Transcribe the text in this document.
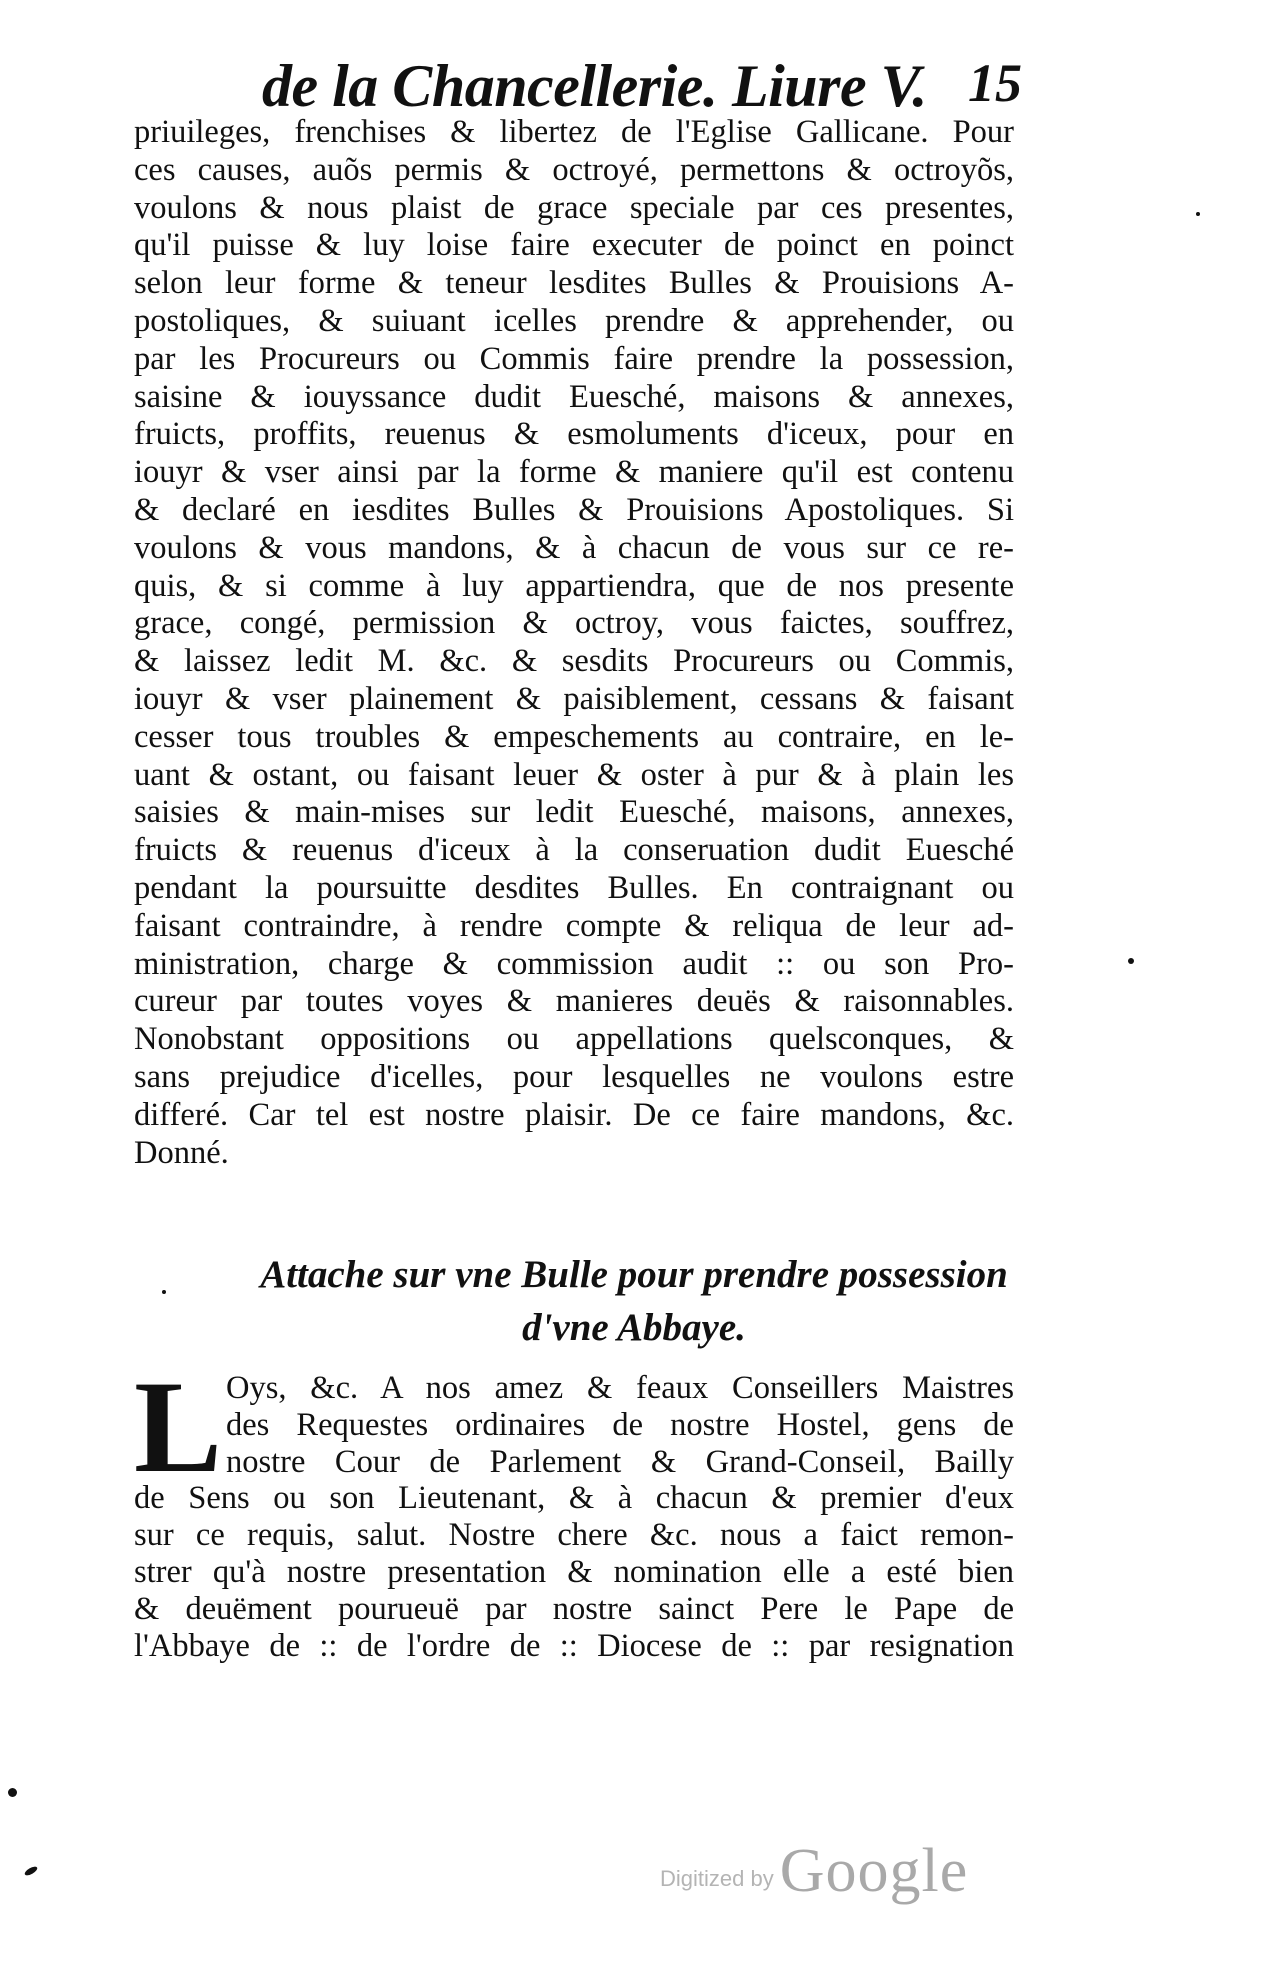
de la Chancellerie. Liure V. 15
priuileges, frenchises & libertez de l'Eglise Gallicane. Pour
ces causes, auõs permis & octroyé, permettons & octroyõs,
voulons & nous plaist de grace speciale par ces presentes,
qu'il puisse & luy loise faire executer de poinct en poinct
selon leur forme & teneur lesdites Bulles & Prouisions A-
postoliques, & suiuant icelles prendre & apprehender, ou
par les Procureurs ou Commis faire prendre la possession,
saisine & iouyssance dudit Euesché, maisons & annexes,
fruicts, proffits, reuenus & esmoluments d'iceux, pour en
iouyr & vser ainsi par la forme & maniere qu'il est contenu
& declaré en iesdites Bulles & Prouisions Apostoliques. Si
voulons & vous mandons, & à chacun de vous sur ce re-
quis, & si comme à luy appartiendra, que de nos presente
grace, congé, permission & octroy, vous faictes, souffrez,
& laissez ledit M. &c. & sesdits Procureurs ou Commis,
iouyr & vser plainement & paisiblement, cessans & faisant
cesser tous troubles & empeschements au contraire, en le-
uant & ostant, ou faisant leuer & oster à pur & à plain les
saisies & main-mises sur ledit Euesché, maisons, annexes,
fruicts & reuenus d'iceux à la conseruation dudit Euesché
pendant la poursuitte desdites Bulles. En contraignant ou
faisant contraindre, à rendre compte & reliqua de leur ad-
ministration, charge & commission audit :: ou son Pro-
cureur par toutes voyes & manieres deuës & raisonnables.
Nonobstant oppositions ou appellations quelsconques, &
sans prejudice d'icelles, pour lesquelles ne voulons estre
differé. Car tel est nostre plaisir. De ce faire mandons, &c.
Donné.
Attache sur vne Bulle pour prendre possession
d'vne Abbaye.
L Oys, &c. A nos amez & feaux Conseillers Maistres
des Requestes ordinaires de nostre Hostel, gens de
nostre Cour de Parlement & Grand-Conseil, Bailly
de Sens ou son Lieutenant, & à chacun & premier d'eux
sur ce requis, salut. Nostre chere &c. nous a faict remon-
strer qu'à nostre presentation & nomination elle a esté bien
& deuëment pourueuë par nostre sainct Pere le Pape de
l'Abbaye de :: de l'ordre de :: Diocese de :: par resignation
Digitized by Google
